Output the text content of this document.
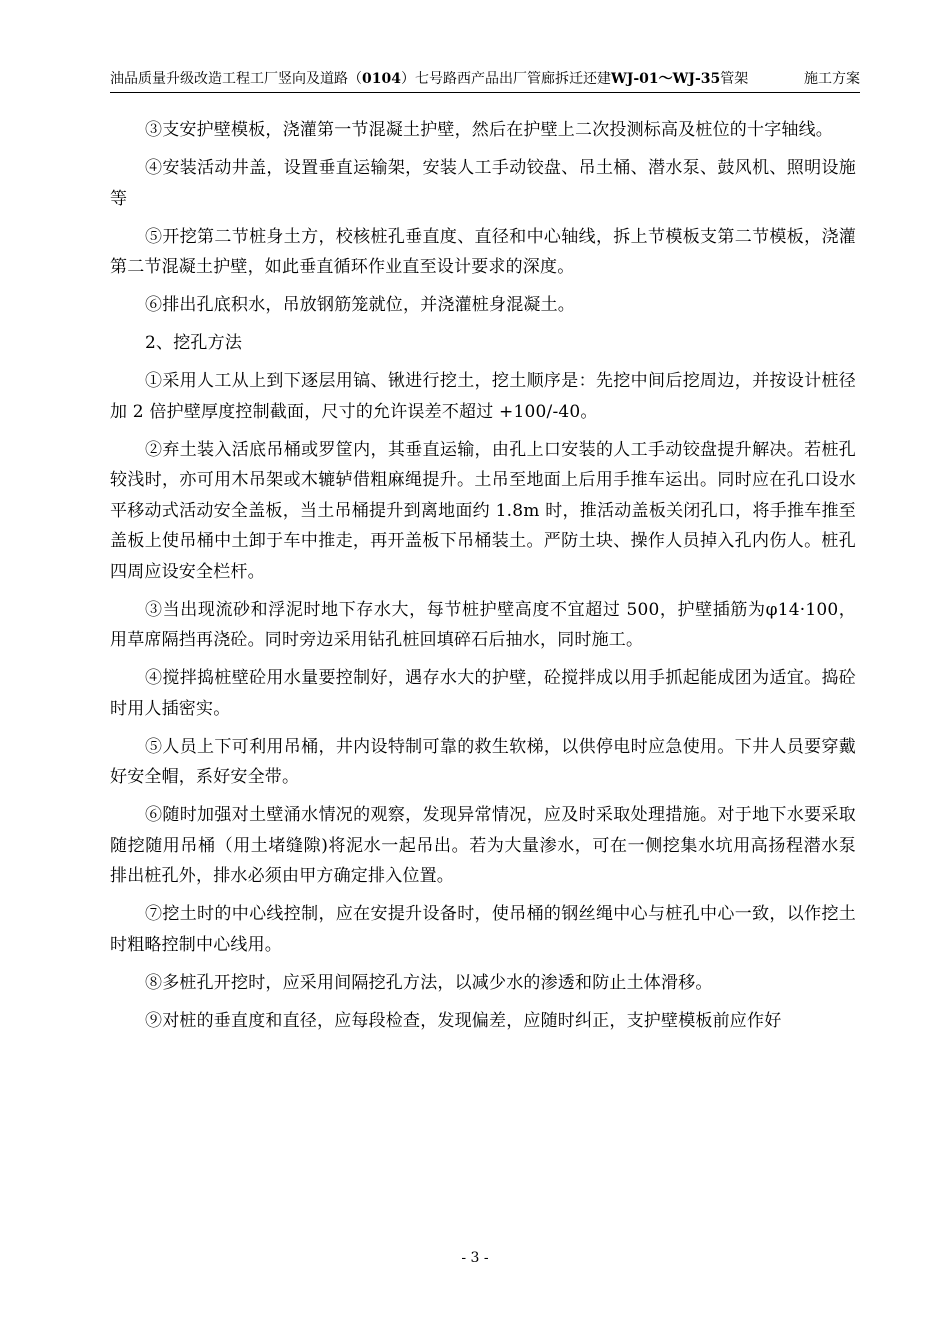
油品质量升级改造工程工厂竖向及道路（0104）七号路西产品出厂管廊拆迁还建WJ-01～WJ-35管架	施工方案

③支安护壁模板，浇灌第一节混凝土护壁，然后在护壁上二次投测标高及桩位的十字轴线。

④安装活动井盖，设置垂直运输架，安装人工手动铰盘、吊土桶、潜水泵、鼓风机、照明设施等

⑤开挖第二节桩身土方，校核桩孔垂直度、直径和中心轴线，拆上节模板支第二节模板，浇灌第二节混凝土护壁，如此垂直循环作业直至设计要求的深度。

⑥排出孔底积水，吊放钢筋笼就位，并浇灌桩身混凝土。

2、挖孔方法

①采用人工从上到下逐层用镐、锹进行挖土，挖土顺序是：先挖中间后挖周边，并按设计桩径加 2 倍护壁厚度控制截面，尺寸的允许误差不超过 +100/-40。

②弃土装入活底吊桶或罗筐内，其垂直运输，由孔上口安装的人工手动铰盘提升解决。若桩孔较浅时，亦可用木吊架或木辘轳借粗麻绳提升。土吊至地面上后用手推车运出。同时应在孔口设水平移动式活动安全盖板，当土吊桶提升到离地面约 1.8m 时，推活动盖板关闭孔口，将手推车推至盖板上使吊桶中土卸于车中推走，再开盖板下吊桶装土。严防土块、操作人员掉入孔内伤人。桩孔四周应设安全栏杆。

③当出现流砂和浮泥时地下存水大，每节桩护壁高度不宜超过 500，护壁插筋为φ14·100，用草席隔挡再浇砼。同时旁边采用钻孔桩回填碎石后抽水，同时施工。

④搅拌捣桩壁砼用水量要控制好，遇存水大的护壁，砼搅拌成以用手抓起能成团为适宜。捣砼时用人插密实。

⑤人员上下可利用吊桶，井内设特制可靠的救生软梯，以供停电时应急使用。下井人员要穿戴好安全帽，系好安全带。

⑥随时加强对土壁涌水情况的观察，发现异常情况，应及时采取处理措施。对于地下水要采取随挖随用吊桶（用土堵缝隙)将泥水一起吊出。若为大量渗水，可在一侧挖集水坑用高扬程潜水泵排出桩孔外，排水必须由甲方确定排入位置。

⑦挖土时的中心线控制，应在安提升设备时，使吊桶的钢丝绳中心与桩孔中心一致，以作挖土时粗略控制中心线用。

⑧多桩孔开挖时，应采用间隔挖孔方法，以减少水的渗透和防止土体滑移。

⑨对桩的垂直度和直径，应每段检查，发现偏差，应随时纠正，支护壁模板前应作好

- 3 -
